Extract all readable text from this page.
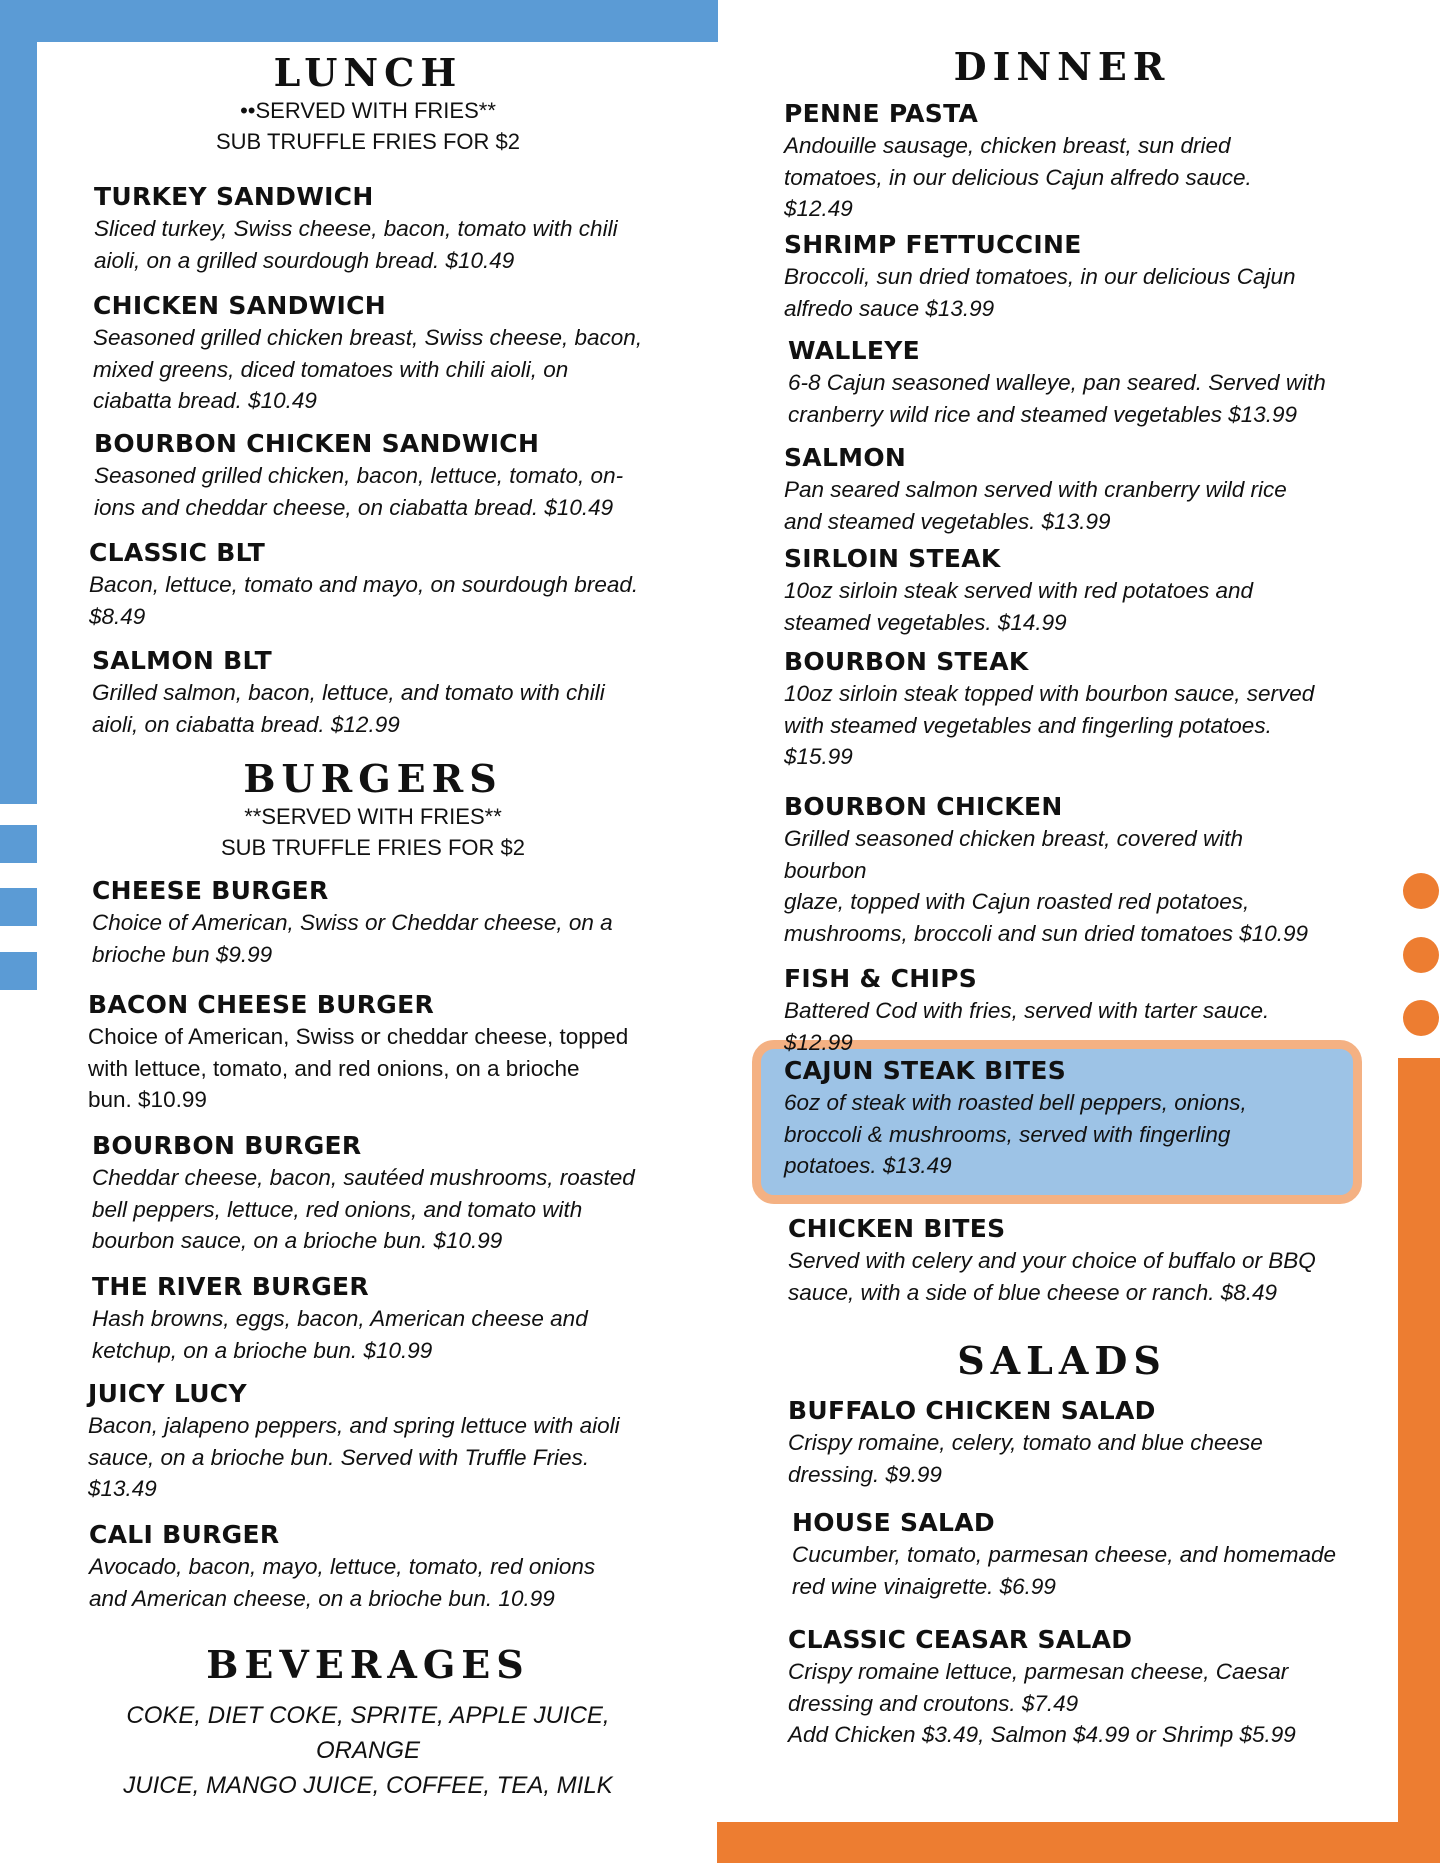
LUNCH

••SERVED WITH FRIES**

SUB TRUFFLE FRIES FOR $2

TURKEY SANDWICH

Sliced turkey, Swiss cheese, bacon, tomato with chili
aioli, on a grilled sourdough bread. $10.49

CHICKEN SANDWICH

Seasoned grilled chicken breast, Swiss cheese, bacon,
mixed greens, diced tomatoes with chili aioli, on
ciabatta bread. $10.49

BOURBON CHICKEN SANDWICH

Seasoned grilled chicken, bacon, lettuce, tomato, on-
ions and cheddar cheese, on ciabatta bread. $10.49

CLASSIC BLT

Bacon, lettuce, tomato and mayo, on sourdough bread.
$8.49

SALMON BLT

Grilled salmon, bacon, lettuce, and tomato with chili
aioli, on ciabatta bread. $12.99

BURGERS

**SERVED WITH FRIES**

SUB TRUFFLE FRIES FOR $2

CHEESE BURGER

Choice of American, Swiss or Cheddar cheese, on a
brioche bun $9.99

BACON CHEESE BURGER

Choice of American, Swiss or cheddar cheese, topped
with lettuce, tomato, and red onions, on a brioche
bun. $10.99

BOURBON BURGER

Cheddar cheese, bacon, sautéed mushrooms, roasted
bell peppers, lettuce, red onions, and tomato with
bourbon sauce, on a brioche bun. $10.99

THE RIVER BURGER

Hash browns, eggs, bacon, American cheese and
ketchup, on a brioche bun. $10.99

JUICY LUCY

Bacon, jalapeno peppers, and spring lettuce with aioli
sauce, on a brioche bun. Served with Truffle Fries.
$13.49

CALI BURGER

Avocado, bacon, mayo, lettuce, tomato, red onions
and American cheese, on a brioche bun. 10.99

BEVERAGES

COKE, DIET COKE, SPRITE, APPLE JUICE, ORANGE
JUICE, MANGO JUICE, COFFEE, TEA, MILK

DINNER

PENNE PASTA

Andouille sausage, chicken breast, sun dried
tomatoes, in our delicious Cajun alfredo sauce.
$12.49

SHRIMP FETTUCCINE

Broccoli, sun dried tomatoes, in our delicious Cajun
alfredo sauce $13.99

WALLEYE

6-8 Cajun seasoned walleye, pan seared. Served with
cranberry wild rice and steamed vegetables $13.99

SALMON

Pan seared salmon served with cranberry wild rice
and steamed vegetables. $13.99

SIRLOIN STEAK

10oz sirloin steak served with red potatoes and
steamed vegetables. $14.99

BOURBON STEAK

10oz sirloin steak topped with bourbon sauce, served
with steamed vegetables and fingerling potatoes.
$15.99

BOURBON CHICKEN

Grilled seasoned chicken breast, covered with
bourbon
glaze, topped with Cajun roasted red potatoes,
mushrooms, broccoli and sun dried tomatoes $10.99

FISH & CHIPS

Battered Cod with fries, served with tarter sauce.
$12.99

CAJUN STEAK BITES

6oz of steak with roasted bell peppers, onions,
broccoli & mushrooms, served with fingerling
potatoes. $13.49

CHICKEN BITES

Served with celery and your choice of buffalo or BBQ
sauce, with a side of blue cheese or ranch. $8.49

SALADS

BUFFALO CHICKEN SALAD

Crispy romaine, celery, tomato and blue cheese
dressing. $9.99

HOUSE SALAD

Cucumber, tomato, parmesan cheese, and homemade
red wine vinaigrette. $6.99

CLASSIC CEASAR SALAD

Crispy romaine lettuce, parmesan cheese, Caesar
dressing and croutons. $7.49
Add Chicken $3.49, Salmon $4.99 or Shrimp $5.99
